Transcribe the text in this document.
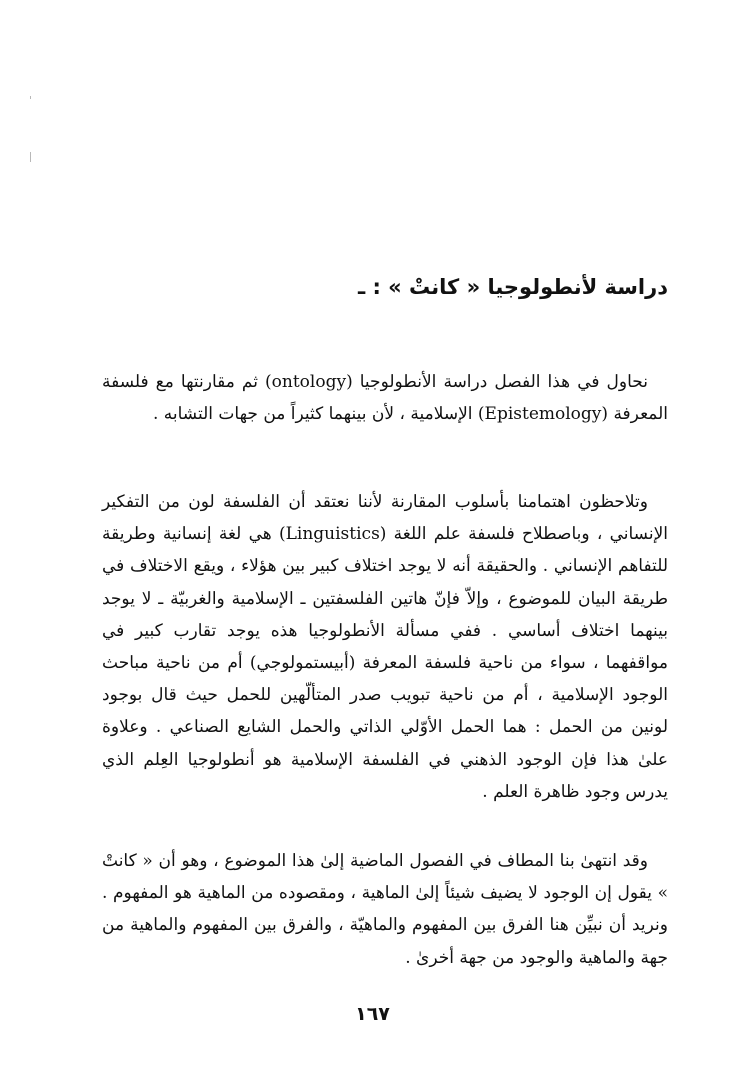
دراسة لأنطولوجيا « كانتْ » : ـ

نحاول في هذا الفصل دراسة الأنطولوجيا (ontology) ثم مقارنتها مع فلسفة المعرفة (Epistemology) الإسلامية ، لأن بينهما كثيراً من جهات التشابه .

وتلاحظون اهتمامنا بأسلوب المقارنة لأننا نعتقد أن الفلسفة لون من التفكير الإنساني ، وباصطلاح فلسفة علم اللغة (Linguistics) هي لغة إنسانية وطريقة للتفاهم الإنساني . والحقيقة أنه لا يوجد اختلاف كبير بين هؤلاء ، ويقع الاختلاف في طريقة البيان للموضوع ، وإلاّ فإنّ هاتين الفلسفتين ـ الإسلامية والغربيّة ـ لا يوجد بينهما اختلاف أساسي . ففي مسألة الأنطولوجيا هذه يوجد تقارب كبير في مواقفهما ، سواء من ناحية فلسفة المعرفة (أبيستمولوجي) أم من ناحية مباحث الوجود الإسلامية ، أم من ناحية تبويب صدر المتألّهين للحمل حيث قال بوجود لونين من الحمل : هما الحمل الأوّلي الذاتي والحمل الشايع الصناعي . وعلاوة علىٰ هذا فإن الوجود الذهني في الفلسفة الإسلامية هو أنطولوجيا العِلم الذي يدرس وجود ظاهرة العلم .

وقد انتهىٰ بنا المطاف في الفصول الماضية إلىٰ هذا الموضوع ، وهو أن « كانتْ » يقول إن الوجود لا يضيف شيئاً إلىٰ الماهية ، ومقصوده من الماهية هو المفهوم . ونريد أن نبيِّن هنا الفرق بين المفهوم والماهيّة ، والفرق بين المفهوم والماهية من جهة والماهية والوجود من جهة أخرىٰ .

١٦٧
